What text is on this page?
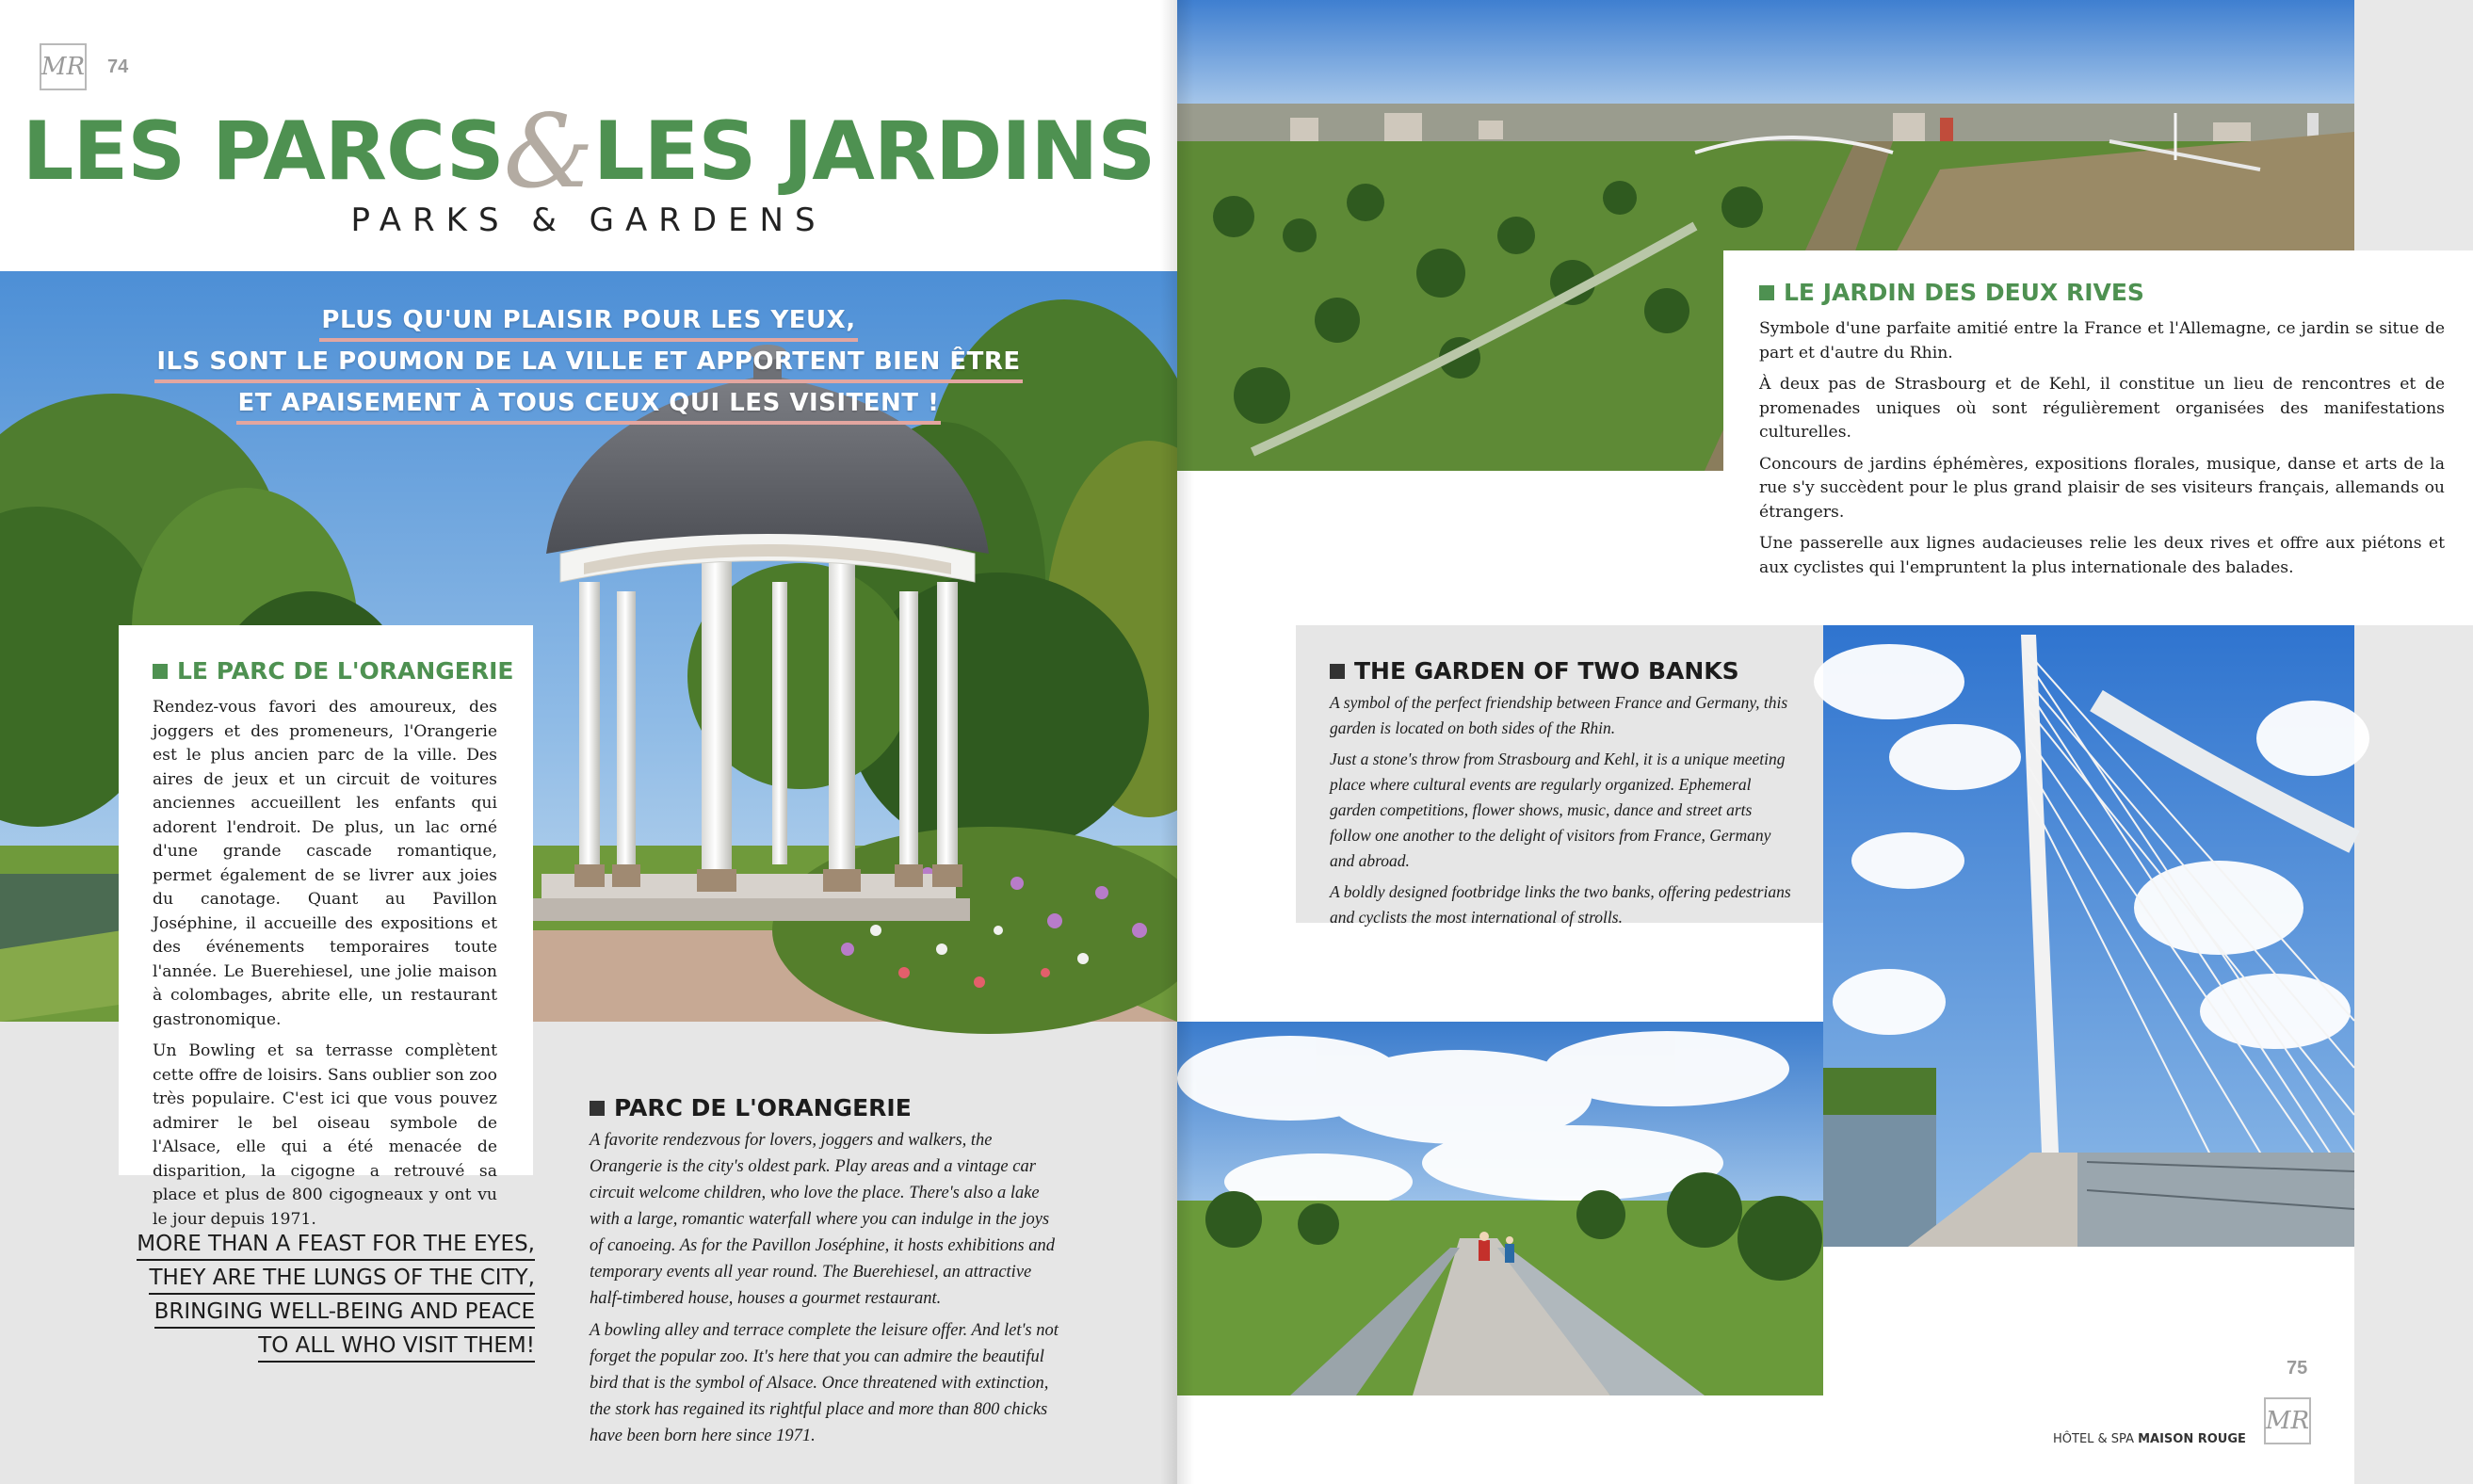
MR 74
LES PARCS&LES JARDINS
PARKS & GARDENS
PLUS QU'UN PLAISIR POUR LES YEUX,
ILS SONT LE POUMON DE LA VILLE ET APPORTENT BIEN ÊTRE
ET APAISEMENT À TOUS CEUX QUI LES VISITENT !
LE PARC DE L'ORANGERIE

Rendez-vous favori des amoureux, des joggers et des promeneurs, l'Orangerie est le plus ancien parc de la ville. Des aires de jeux et un circuit de voitures anciennes accueillent les enfants qui adorent l'endroit. De plus, un lac orné d'une grande cascade romantique, permet également de se livrer aux joies du canotage. Quant au Pavillon Joséphine, il accueille des expositions et des événements temporaires toute l'année. Le Buerehiesel, une jolie maison à colombages, abrite elle, un restaurant gastronomique.

Un Bowling et sa terrasse complètent cette offre de loisirs. Sans oublier son zoo très populaire. C'est ici que vous pouvez admirer le bel oiseau symbole de l'Alsace, elle qui a été menacée de disparition, la cigogne a retrouvé sa place et plus de 800 cigogneaux y ont vu le jour depuis 1971.

PARC DE L'ORANGERIE

A favorite rendezvous for lovers, joggers and walkers, the Orangerie is the city's oldest park. Play areas and a vintage car circuit welcome children, who love the place. There's also a lake with a large, romantic waterfall where you can indulge in the joys of canoeing. As for the Pavillon Joséphine, it hosts exhibitions and temporary events all year round. The Buerehiesel, an attractive half-timbered house, houses a gourmet restaurant.

A bowling alley and terrace complete the leisure offer. And let's not forget the popular zoo. It's here that you can admire the beautiful bird that is the symbol of Alsace. Once threatened with extinction, the stork has regained its rightful place and more than 800 chicks have been born here since 1971.

MORE THAN A FEAST FOR THE EYES,
THEY ARE THE LUNGS OF THE CITY,
BRINGING WELL-BEING AND PEACE
TO ALL WHO VISIT THEM!
LE JARDIN DES DEUX RIVES

Symbole d'une parfaite amitié entre la France et l'Allemagne, ce jardin se situe de part et d'autre du Rhin.

À deux pas de Strasbourg et de Kehl, il constitue un lieu de rencontres et de promenades uniques où sont régulièrement organisées des manifestations culturelles.

Concours de jardins éphémères, expositions florales, musique, danse et arts de la rue s'y succèdent pour le plus grand plaisir de ses visiteurs français, allemands ou étrangers.

Une passerelle aux lignes audacieuses relie les deux rives et offre aux piétons et aux cyclistes qui l'empruntent la plus internationale des balades.

THE GARDEN OF TWO BANKS

A symbol of the perfect friendship between France and Germany, this garden is located on both sides of the Rhin.

Just a stone's throw from Strasbourg and Kehl, it is a unique meeting place where cultural events are regularly organized. Ephemeral garden competitions, flower shows, music, dance and street arts follow one another to the delight of visitors from France, Germany and abroad.

A boldly designed footbridge links the two banks, offering pedestrians and cyclists the most international of strolls.

75
HÔTEL & SPA MAISON ROUGE
MR
